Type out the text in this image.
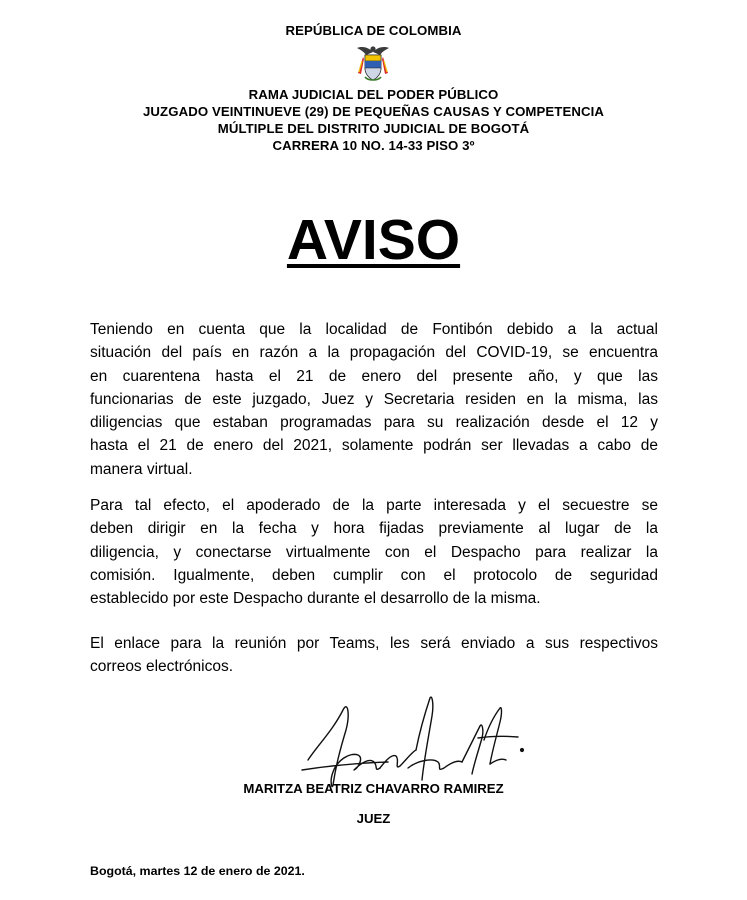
REPÚBLICA DE COLOMBIA
RAMA JUDICIAL DEL PODER PÚBLICO
JUZGADO VEINTINUEVE (29) DE PEQUEÑAS CAUSAS Y COMPETENCIA
MÚLTIPLE DEL DISTRITO JUDICIAL DE BOGOTÁ
CARRERA 10 NO. 14-33 PISO 3º
AVISO
Teniendo en cuenta que la localidad de Fontibón debido a la actual
situación del país en razón a la propagación del COVID-19, se encuentra
en cuarentena hasta el 21 de enero del presente año, y que las
funcionarias de este juzgado, Juez y Secretaria residen en la misma, las
diligencias que estaban programadas para su realización desde el 12 y
hasta el 21 de enero del 2021, solamente podrán ser llevadas a cabo de
manera virtual.
Para tal efecto, el apoderado de la parte interesada y el secuestre se
deben dirigir en la fecha y hora fijadas previamente al lugar de la
diligencia, y conectarse virtualmente con el Despacho para realizar la
comisión. Igualmente, deben cumplir con el protocolo de seguridad
establecido por este Despacho durante el desarrollo de la misma.
El enlace para la reunión por Teams, les será enviado a sus respectivos
correos electrónicos.
MARITZA BEATRIZ CHAVARRO RAMIREZ
JUEZ
Bogotá, martes 12 de enero de 2021.
